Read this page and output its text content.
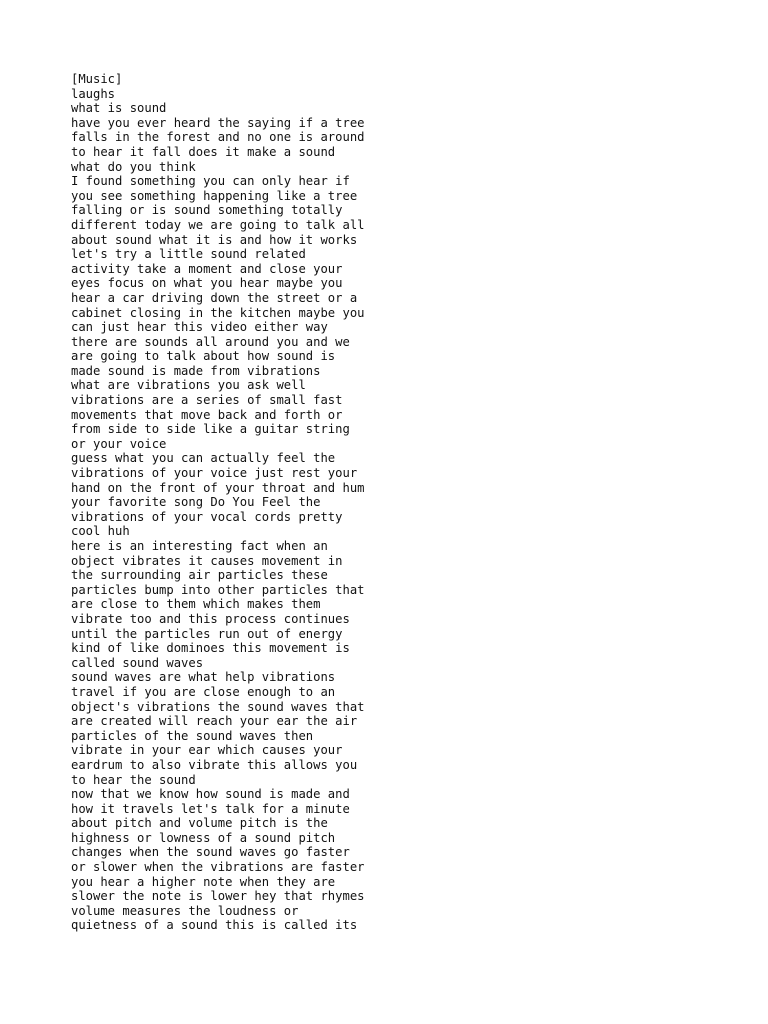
[Music]
laughs
what is sound
have you ever heard the saying if a tree
falls in the forest and no one is around
to hear it fall does it make a sound
what do you think
I found something you can only hear if
you see something happening like a tree
falling or is sound something totally
different today we are going to talk all
about sound what it is and how it works
let's try a little sound related
activity take a moment and close your
eyes focus on what you hear maybe you
hear a car driving down the street or a
cabinet closing in the kitchen maybe you
can just hear this video either way
there are sounds all around you and we
are going to talk about how sound is
made sound is made from vibrations
what are vibrations you ask well
vibrations are a series of small fast
movements that move back and forth or
from side to side like a guitar string
or your voice
guess what you can actually feel the
vibrations of your voice just rest your
hand on the front of your throat and hum
your favorite song Do You Feel the
vibrations of your vocal cords pretty
cool huh
here is an interesting fact when an
object vibrates it causes movement in
the surrounding air particles these
particles bump into other particles that
are close to them which makes them
vibrate too and this process continues
until the particles run out of energy
kind of like dominoes this movement is
called sound waves
sound waves are what help vibrations
travel if you are close enough to an
object's vibrations the sound waves that
are created will reach your ear the air
particles of the sound waves then
vibrate in your ear which causes your
eardrum to also vibrate this allows you
to hear the sound
now that we know how sound is made and
how it travels let's talk for a minute
about pitch and volume pitch is the
highness or lowness of a sound pitch
changes when the sound waves go faster
or slower when the vibrations are faster
you hear a higher note when they are
slower the note is lower hey that rhymes
volume measures the loudness or
quietness of a sound this is called its
